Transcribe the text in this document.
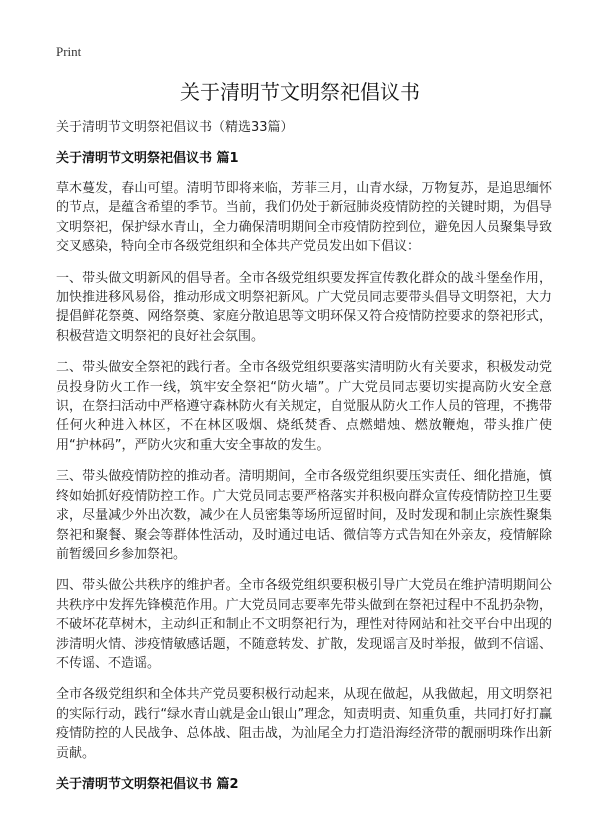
Print
关于清明节文明祭祀倡议书

关于清明节文明祭祀倡议书（精选33篇）

关于清明节文明祭祀倡议书 篇1

草木蔓发，春山可望。清明节即将来临，芳菲三月，山青水绿，万物复苏，是追思缅怀的节点，是蕴含希望的季节。当前，我们仍处于新冠肺炎疫情防控的关键时期，为倡导文明祭祀，保护绿水青山，全力确保清明期间全市疫情防控到位，避免因人员聚集导致交叉感染，特向全市各级党组织和全体共产党员发出如下倡议：

一、带头做文明新风的倡导者。全市各级党组织要发挥宣传教化群众的战斗堡垒作用，加快推进移风易俗，推动形成文明祭祀新风。广大党员同志要带头倡导文明祭祀，大力提倡鲜花祭奠、网络祭奠、家庭分散追思等文明环保又符合疫情防控要求的祭祀形式，积极营造文明祭祀的良好社会氛围。

二、带头做安全祭祀的践行者。全市各级党组织要落实清明防火有关要求，积极发动党员投身防火工作一线，筑牢安全祭祀“防火墙”。广大党员同志要切实提高防火安全意识，在祭扫活动中严格遵守森林防火有关规定，自觉服从防火工作人员的管理，不携带任何火种进入林区，不在林区吸烟、烧纸焚香、点燃蜡烛、燃放鞭炮，带头推广使用“护林码”，严防火灾和重大安全事故的发生。

三、带头做疫情防控的推动者。清明期间，全市各级党组织要压实责任、细化措施，慎终如始抓好疫情防控工作。广大党员同志要严格落实并积极向群众宣传疫情防控卫生要求，尽量减少外出次数，减少在人员密集等场所逗留时间，及时发现和制止宗族性聚集祭祀和聚餐、聚会等群体性活动，及时通过电话、微信等方式告知在外亲友，疫情解除前暂缓回乡参加祭祀。

四、带头做公共秩序的维护者。全市各级党组织要积极引导广大党员在维护清明期间公共秩序中发挥先锋模范作用。广大党员同志要率先带头做到在祭祀过程中不乱扔杂物，不破坏花草树木，主动纠正和制止不文明祭祀行为，理性对待网站和社交平台中出现的涉清明火情、涉疫情敏感话题，不随意转发、扩散，发现谣言及时举报，做到不信谣、不传谣、不造谣。

全市各级党组织和全体共产党员要积极行动起来，从现在做起，从我做起，用文明祭祀的实际行动，践行“绿水青山就是金山银山”理念，知责明责、知重负重，共同打好打赢疫情防控的人民战争、总体战、阻击战，为汕尾全力打造沿海经济带的靓丽明珠作出新贡献。

关于清明节文明祭祀倡议书 篇2
